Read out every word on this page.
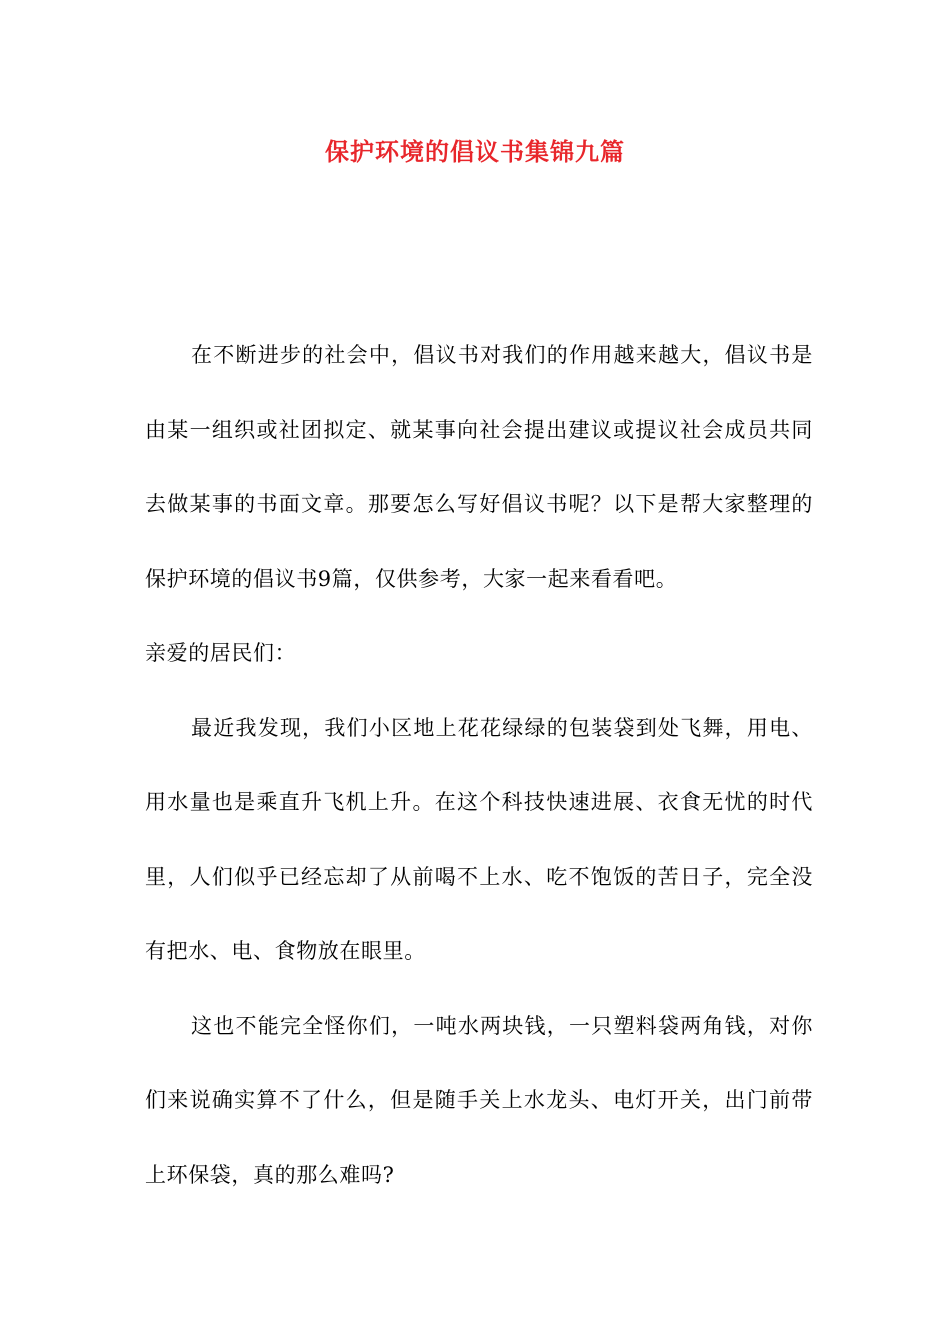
保护环境的倡议书集锦九篇

在不断进步的社会中，倡议书对我们的作用越来越大，倡议书是由某一组织或社团拟定、就某事向社会提出建议或提议社会成员共同去做某事的书面文章。那要怎么写好倡议书呢？以下是帮大家整理的保护环境的倡议书9篇，仅供参考，大家一起来看看吧。

亲爱的居民们：

最近我发现，我们小区地上花花绿绿的包装袋到处飞舞，用电、用水量也是乘直升飞机上升。在这个科技快速进展、衣食无忧的时代里，人们似乎已经忘却了从前喝不上水、吃不饱饭的苦日子，完全没有把水、电、食物放在眼里。

这也不能完全怪你们，一吨水两块钱，一只塑料袋两角钱，对你们来说确实算不了什么，但是随手关上水龙头、电灯开关，出门前带上环保袋，真的那么难吗?
